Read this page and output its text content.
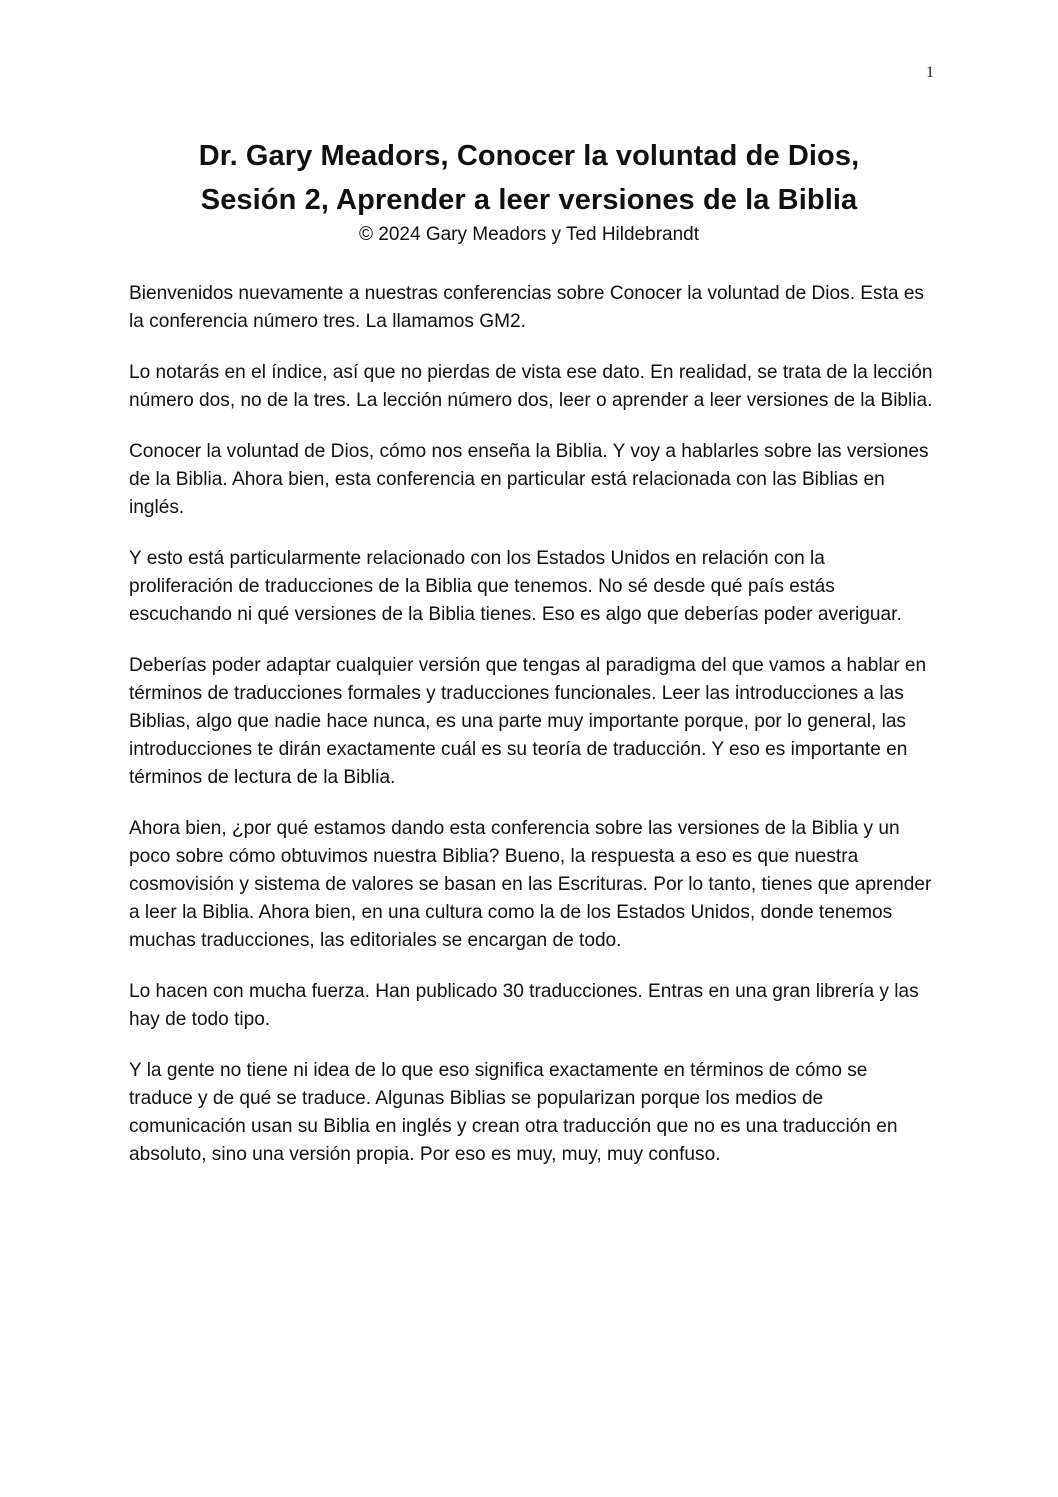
1
Dr. Gary Meadors, Conocer la voluntad de Dios,
Sesión 2, Aprender a leer versiones de la Biblia

© 2024 Gary Meadors y Ted Hildebrandt

Bienvenidos nuevamente a nuestras conferencias sobre Conocer la voluntad de Dios. Esta es la conferencia número tres. La llamamos GM2.

Lo notarás en el índice, así que no pierdas de vista ese dato. En realidad, se trata de la lección número dos, no de la tres. La lección número dos, leer o aprender a leer versiones de la Biblia.

Conocer la voluntad de Dios, cómo nos enseña la Biblia. Y voy a hablarles sobre las versiones de la Biblia. Ahora bien, esta conferencia en particular está relacionada con las Biblias en inglés.

Y esto está particularmente relacionado con los Estados Unidos en relación con la proliferación de traducciones de la Biblia que tenemos. No sé desde qué país estás escuchando ni qué versiones de la Biblia tienes. Eso es algo que deberías poder averiguar.

Deberías poder adaptar cualquier versión que tengas al paradigma del que vamos a hablar en términos de traducciones formales y traducciones funcionales. Leer las introducciones a las Biblias, algo que nadie hace nunca, es una parte muy importante porque, por lo general, las introducciones te dirán exactamente cuál es su teoría de traducción. Y eso es importante en términos de lectura de la Biblia.

Ahora bien, ¿por qué estamos dando esta conferencia sobre las versiones de la Biblia y un poco sobre cómo obtuvimos nuestra Biblia? Bueno, la respuesta a eso es que nuestra cosmovisión y sistema de valores se basan en las Escrituras. Por lo tanto, tienes que aprender a leer la Biblia. Ahora bien, en una cultura como la de los Estados Unidos, donde tenemos muchas traducciones, las editoriales se encargan de todo.

Lo hacen con mucha fuerza. Han publicado 30 traducciones. Entras en una gran librería y las hay de todo tipo.

Y la gente no tiene ni idea de lo que eso significa exactamente en términos de cómo se traduce y de qué se traduce. Algunas Biblias se popularizan porque los medios de comunicación usan su Biblia en inglés y crean otra traducción que no es una traducción en absoluto, sino una versión propia. Por eso es muy, muy, muy confuso.
